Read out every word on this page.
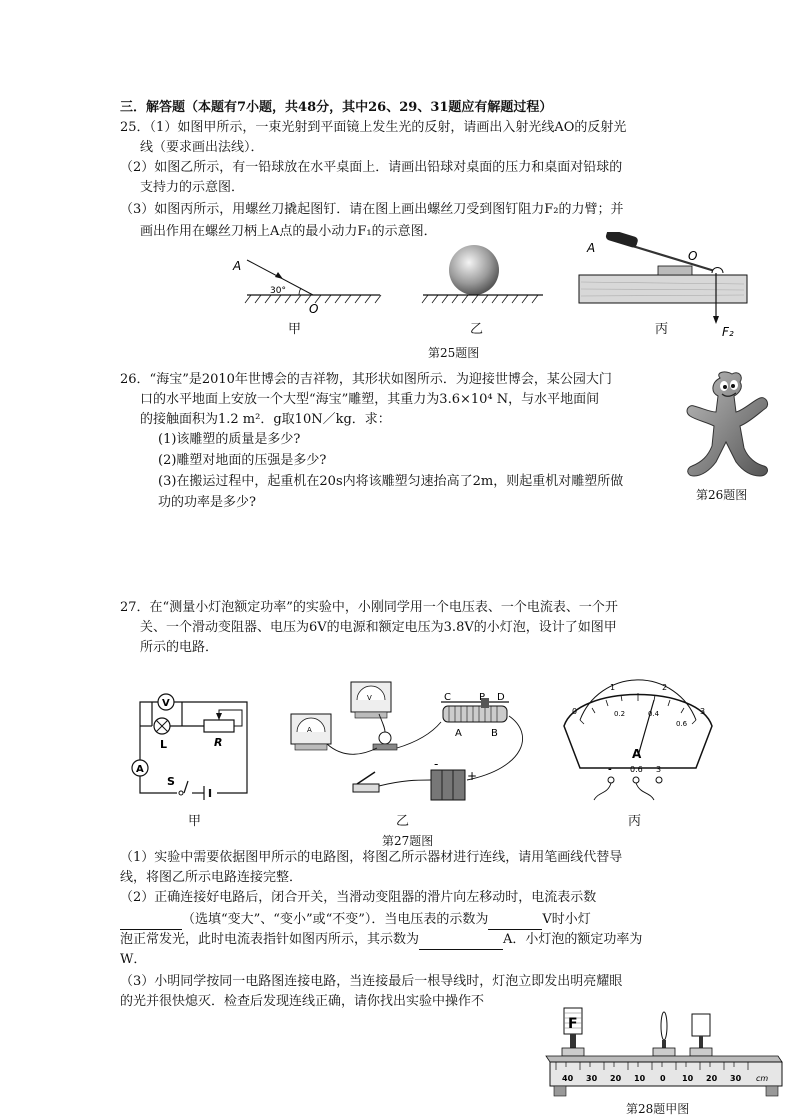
三．解答题（本题有7小题，共48分，其中26、29、31题应有解题过程）
25．（1）如图甲所示，一束光射到平面镜上发生光的反射，请画出入射光线AO的反射光
线（要求画出法线）．
（2）如图乙所示，有一铅球放在水平桌面上．请画出铅球对桌面的压力和桌面对铅球的
支持力的示意图．
（3）如图丙所示，用螺丝刀撬起图钉．请在图上画出螺丝刀受到图钉阻力F₂的力臂；并
画出作用在螺丝刀柄上A点的最小动力F₁的示意图．
A
30°
O
甲	乙
A
O
F₂
丙
第25题图
26．“海宝”是2010年世博会的吉祥物，其形状如图所示．为迎接世博会，某公园大门
口的水平地面上安放一个大型“海宝”雕塑，其重力为3.6×10⁴ N，与水平地面间
的接触面积为1.2 m²．g取10N／kg．求：
(1)该雕塑的质量是多少?
(2)雕塑对地面的压强是多少?
(3)在搬运过程中，起重机在20s内将该雕塑匀速抬高了2m，则起重机对雕塑所做
功的功率是多少?	第26题图
27．在“测量小灯泡额定功率”的实验中，小刚同学用一个电压表、一个电流表、一个开
关、一个滑动变阻器、电压为6V的电源和额定电压为3.8V的小灯泡，设计了如图甲
所示的电路．
V
L	R
A
S
甲
A
V	C	P D
A	B
-
+
乙
第27题图
0
1	2
3
0.2	0.4
0.6
A
- 0.6 3
丙
（1）实验中需要依据图甲所示的电路图，将图乙所示器材进行连线，请用笔画线代替导
线，将图乙所示电路连接完整．
（2）正确连接好电路后，闭合开关，当滑动变阻器的滑片向左移动时，电流表示数
（选填“变大”、“变小”或“不变”）．当电压表的示数为	V时小灯
泡正常发光，此时电流表指针如图丙所示，其示数为	A．小灯泡的额定功率为
W．
（3）小明同学按同一电路图连接电路，当连接最后一根导线时，灯泡立即发出明亮耀眼
的光并很快熄灭．检查后发现连线正确，请你找出实验中操作不
F
40 30 20 10 0 10 20 30 cm
第28题甲图
